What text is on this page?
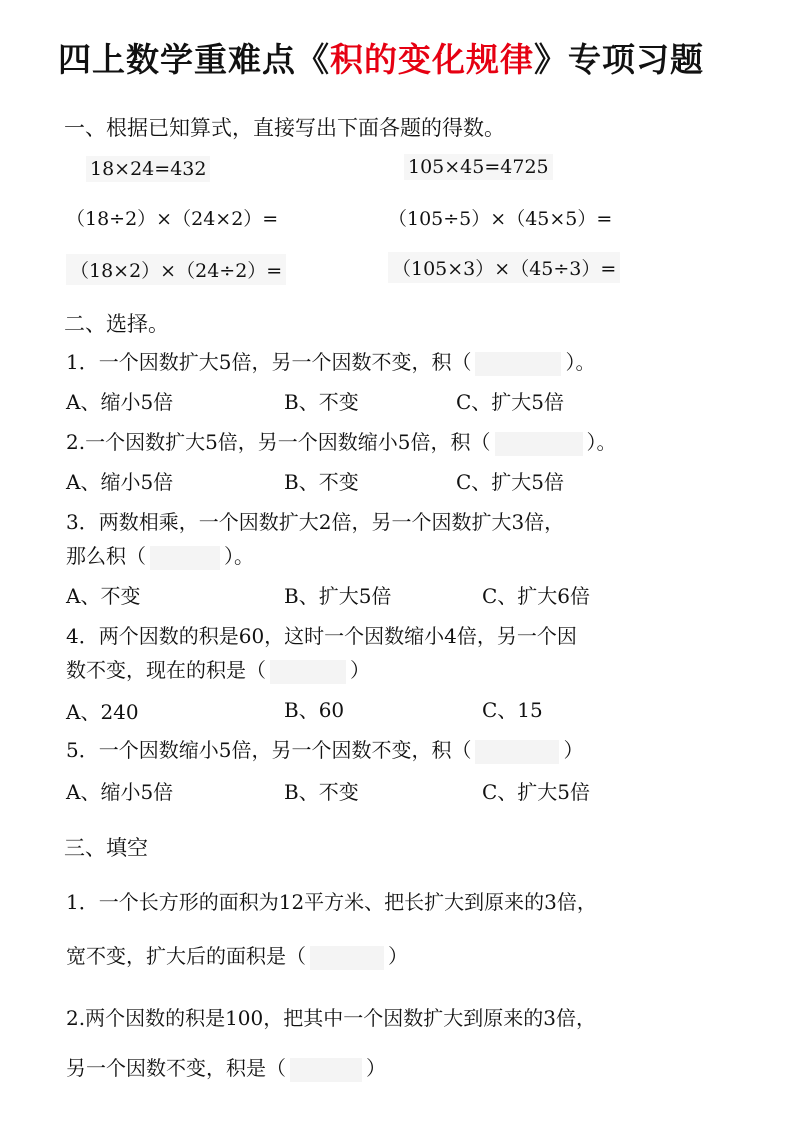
四上数学重难点《积的变化规律》专项习题
一、根据已知算式，直接写出下面各题的得数。
18×24=432	105×45=4725
（18÷2）×（24×2）=	（105÷5）×（45×5）=
（18×2）×（24÷2）=	（105×3）×（45÷3）=
二、选择。
1．一个因数扩大5倍，另一个因数不变，积（	）。
A、缩小5倍	B、不变	C、扩大5倍
2.一个因数扩大5倍，另一个因数缩小5倍，积（	）。
A、缩小5倍	B、不变	C、扩大5倍
3．两数相乘，一个因数扩大2倍，另一个因数扩大3倍，
那么积（	）。
A、不变	B、扩大5倍	C、扩大6倍
4．两个因数的积是60，这时一个因数缩小4倍，另一个因
数不变，现在的积是（	）
A、240	B、60	C、15
5．一个因数缩小5倍，另一个因数不变，积（	）
A、缩小5倍	B、不变	C、扩大5倍
三、填空
1．一个长方形的面积为12平方米、把长扩大到原来的3倍，
宽不变，扩大后的面积是（	）
2.两个因数的积是100，把其中一个因数扩大到原来的3倍，
另一个因数不变，积是（	）
